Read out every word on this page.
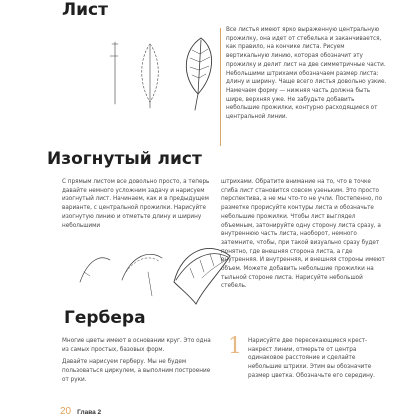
Лист

Все листья имеют ярко выраженную центральную прожилку, она идет от стебелька и заканчивается, как правило, на кончике листа. Рисуем вертикальную линию, которая обозначит эту прожилку и делит лист на две симметричные части. Небольшими штрихами обозначаем размер листа: длину и ширину. Чаще всего листья довольно узкие. Намечаем форму — нижняя часть должна быть шире, верхняя уже. Не забудьте добавить небольшие прожилки, контурно расходящиеся от центральной линии.

Изогнутый лист

С прямым листом все довольно просто, а теперь давайте немного усложним задачу и нарисуем изогнутый лист. Начинаем, как и в предыдущем варианте, с центральной прожилки. Нарисуйте изогнутую линию и отметьте длину и ширину небольшими

штрихами. Обратите внимание на то, что в точке сгиба лист становится совсем узеньким. Это просто перспектива, а не мы что-то не учли. Постепенно, по разметке прорисуйте контуры листа и обозначьте небольшие прожилки. Чтобы лист выглядел объемным, затонируйте одну сторону листа сразу, а внутреннюю часть листа, наоборот, немного затемните, чтобы, при такой визуально сразу будет понятно, где внешняя сторона листа, а где внутренняя. И внутренняя, и внешняя стороны имеют объем. Можете добавить небольшие прожилки на тыльной стороне листа. Нарисуйте небольшой стебель.

Гербера

Многие цветы имеют в основании круг. Это одна из самых простых, базовых форм.

Давайте нарисуем герберу. Мы не будем пользоваться циркулем, а выполним построение от руки.

1 Нарисуйте две пересекающиеся крест-накрест линии, отмерьте от центра одинаковое расстояние и сделайте небольшие штрихи. Этим вы обозначите размер цветка. Обозначьте его середину.

20 Глава 2
